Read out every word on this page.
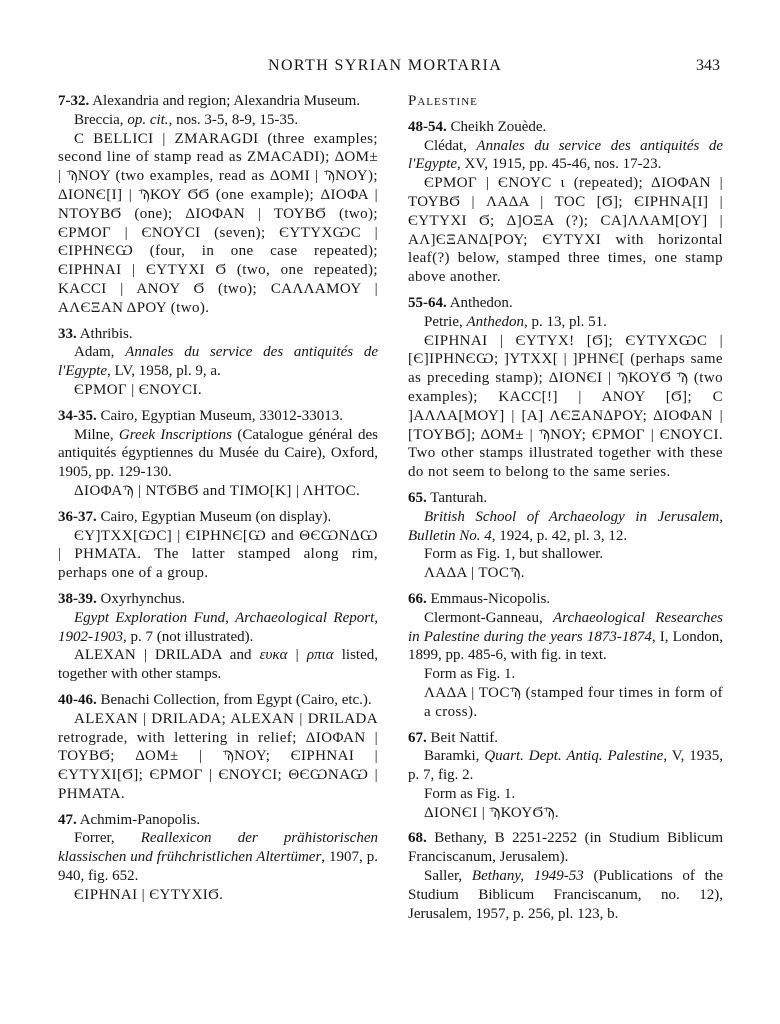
NORTH SYRIAN MORTARIA	343

7-32. Alexandria and region; Alexandria Museum.

Breccia, op. cit., nos. 3-5, 8-9, 15-35.

C BELLICI | ZMARAGDI (three examples; second line of stamp read as ZMACADI); ΔΟΜ± | ϠΝΟΥ (two examples, read as ΔΟΜΙ | ϠΝΟΥ); ΔΙΟΝЄ[Ι] | ϠΚΟΥ ϬϬ (one example); ΔΙΟΦΑ | ΝΤΟΥΒϬ (one); ΔΙΟΦΑΝ | ΤΟΥΒϬ (two); ЄΡΜΟΓ | ЄΝΟΥϹΙ (seven); ЄΥΤΥΧѠϹ | ЄΙΡΗΝЄѠ (four, in one case repeated); ЄΙΡΗΝΑΙ | ЄΥΤΥΧΙ Ϭ (two, one repeated); ΚΑϹϹΙ | ΑΝΟΥ Ϭ (two); ϹΑΛΛΑΜΟΥ | ΑΛЄΞΑΝ ΔΡΟΥ (two).

33. Athribis.

Adam, Annales du service des antiquités de l'Egypte, LV, 1958, pl. 9, a.

ЄΡΜΟΓ | ЄΝΟΥϹΙ.

34-35. Cairo, Egyptian Museum, 33012-33013.

Milne, Greek Inscriptions (Catalogue général des antiquités égyptiennes du Musée du Caire), Oxford, 1905, pp. 129-130.

ΔΙΟΦΑϠ | ΝΤϬΒϬ and ΤΙΜΟ[Κ] | ΛΗΤΟϹ.

36-37. Cairo, Egyptian Museum (on display).

ЄΥ]ΤΧΧ[ѠϹ] | ЄΙΡΗΝЄ[Ѡ and ΘЄѠΝΔѠ | ΡΗΜΑΤΑ. The latter stamped along rim, perhaps one of a group.

38-39. Oxyrhynchus.

Egypt Exploration Fund, Archaeological Report, 1902-1903, p. 7 (not illustrated).

ALEXAN | DRILADA and ευκα | ρπια listed, together with other stamps.

40-46. Benachi Collection, from Egypt (Cairo, etc.).

ALEXAN | DRILADA; ALEXAN | DRILADA retrograde, with lettering in relief; ΔΙΟΦΑΝ | ΤΟΥΒϬ; ΔΟΜ± | ϠΝΟΥ; ЄΙΡΗΝΑΙ | ЄΥΤΥΧΙ[Ϭ]; ЄΡΜΟΓ | ЄΝΟΥϹΙ; ΘЄѠΝΑѠ | ΡΗΜΑΤΑ.

47. Achmim-Panopolis.

Forrer, Reallexicon der prähistorischen klassischen und frühchristlichen Altertümer, 1907, p. 940, fig. 652.

ЄΙΡΗΝΑΙ | ЄΥΤΥΧΙϬ.

Palestine

48-54. Cheikh Zouède.

Clédat, Annales du service des antiquités de l'Egypte, XV, 1915, pp. 45-46, nos. 17-23.

ЄΡΜΟΓ | ЄΝΟΥϹ ι (repeated); ΔΙΟΦΑΝ | ΤΟΥΒϬ | ΛΑΔΑ | ΤΟϹ [Ϭ]; ЄΙΡΗΝΑ[Ι] | ЄΥΤΥΧΙ Ϭ; Δ]ΟΞΑ (?); ϹΑ]ΛΛΑΜ[ΟΥ] | ΑΛ]ЄΞΑΝΔ[ΡΟΥ; ЄΥΤΥΧΙ with horizontal leaf(?) below, stamped three times, one stamp above another.

55-64. Anthedon.

Petrie, Anthedon, p. 13, pl. 51.

ЄΙΡΗΝΑΙ | ЄΥΤΥΧ! [Ϭ]; ЄΥΤΥΧѠϹ | [Є]ΙΡΗΝЄѠ; ]ΥΤΧΧ[ | ]ΡΗΝЄ[ (perhaps same as preceding stamp); ΔΙΟΝЄΙ | ϠΚΟΥϬ Ϡ (two examples); ΚΑϹϹ[!] | ΑΝΟΥ [Ϭ]; Ϲ ]ΑΛΛΑ[ΜΟΥ] | [Α] ΛЄΞΑΝΔΡΟΥ; ΔΙΟΦΑΝ | [ΤΟΥΒϬ]; ΔΟΜ± | ϠΝΟΥ; ЄΡΜΟΓ | ЄΝΟΥϹΙ. Two other stamps illustrated together with these do not seem to belong to the same series.

65. Tanturah.

British School of Archaeology in Jerusalem, Bulletin No. 4, 1924, p. 42, pl. 3, 12.

Form as Fig. 1, but shallower.

ΛΑΔΑ | ΤΟϹϠ.

66. Emmaus-Nicopolis.

Clermont-Ganneau, Archaeological Researches in Palestine during the years 1873-1874, I, London, 1899, pp. 485-6, with fig. in text.

Form as Fig. 1.

ΛΑΔΑ | ΤΟϹϠ (stamped four times in form of a cross).

67. Beit Nattif.

Baramki, Quart. Dept. Antiq. Palestine, V, 1935, p. 7, fig. 2.

Form as Fig. 1.

ΔΙΟΝЄΙ | ϠΚΟΥϬϠ.

68. Bethany, B 2251-2252 (in Studium Biblicum Franciscanum, Jerusalem).

Saller, Bethany, 1949-53 (Publications of the Studium Biblicum Franciscanum, no. 12), Jerusalem, 1957, p. 256, pl. 123, b.
